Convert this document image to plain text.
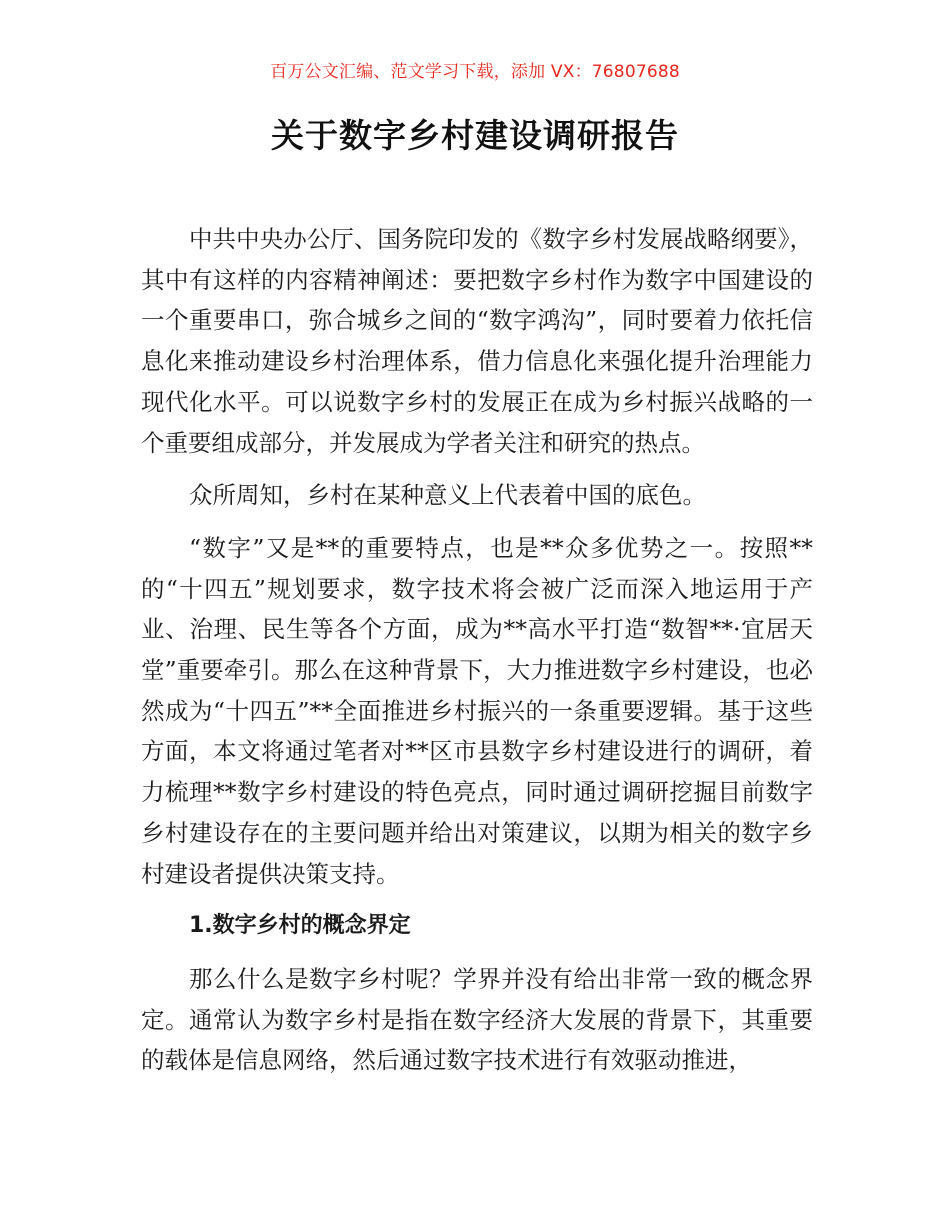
百万公文汇编、范文学习下载，添加 VX：76807688
关于数字乡村建设调研报告

中共中央办公厅、国务院印发的《数字乡村发展战略纲要》，其中有这样的内容精神阐述：要把数字乡村作为数字中国建设的一个重要串口，弥合城乡之间的“数字鸿沟”，同时要着力依托信息化来推动建设乡村治理体系，借力信息化来强化提升治理能力现代化水平。可以说数字乡村的发展正在成为乡村振兴战略的一个重要组成部分，并发展成为学者关注和研究的热点。

众所周知，乡村在某种意义上代表着中国的底色。

“数字”又是**的重要特点，也是**众多优势之一。按照**的“十四五”规划要求，数字技术将会被广泛而深入地运用于产业、治理、民生等各个方面，成为**高水平打造“数智**·宜居天堂”重要牵引。那么在这种背景下，大力推进数字乡村建设，也必然成为“十四五”**全面推进乡村振兴的一条重要逻辑。基于这些方面，本文将通过笔者对**区市县数字乡村建设进行的调研，着力梳理**数字乡村建设的特色亮点，同时通过调研挖掘目前数字乡村建设存在的主要问题并给出对策建议，以期为相关的数字乡村建设者提供决策支持。

1.数字乡村的概念界定

那么什么是数字乡村呢？学界并没有给出非常一致的概念界定。通常认为数字乡村是指在数字经济大发展的背景下，其重要的载体是信息网络，然后通过数字技术进行有效驱动推进，
